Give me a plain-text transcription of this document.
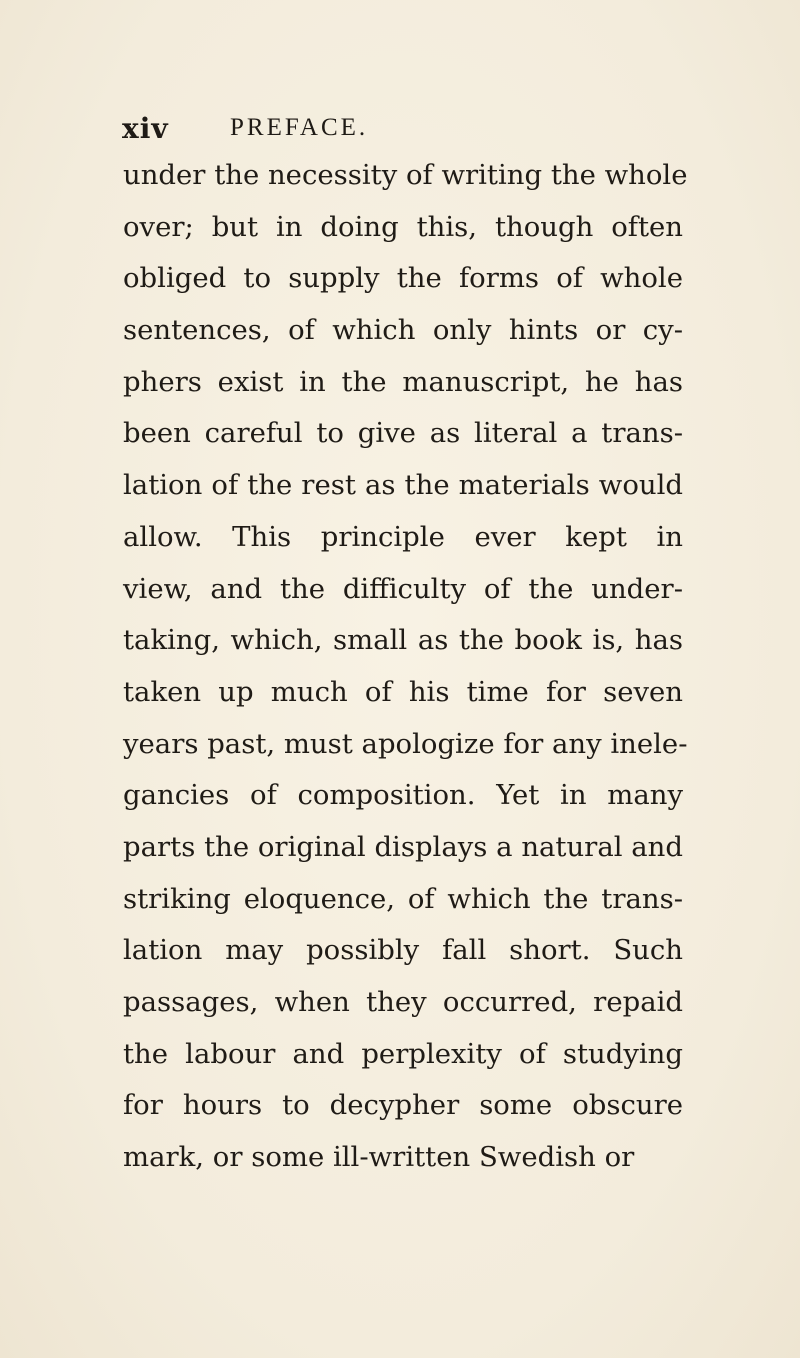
xiv PREFACE.
under the necessity of writing the whole
over; but in doing this, though often
obliged to supply the forms of whole
sentences, of which only hints or cy-
phers exist in the manuscript, he has
been careful to give as literal a trans-
lation of the rest as the materials would
allow. This principle ever kept in
view, and the difficulty of the under-
taking, which, small as the book is, has
taken up much of his time for seven
years past, must apologize for any inele-
gancies of composition. Yet in many
parts the original displays a natural and
striking eloquence, of which the trans-
lation may possibly fall short. Such
passages, when they occurred, repaid
the labour and perplexity of studying
for hours to decypher some obscure
mark, or some ill-written Swedish or
